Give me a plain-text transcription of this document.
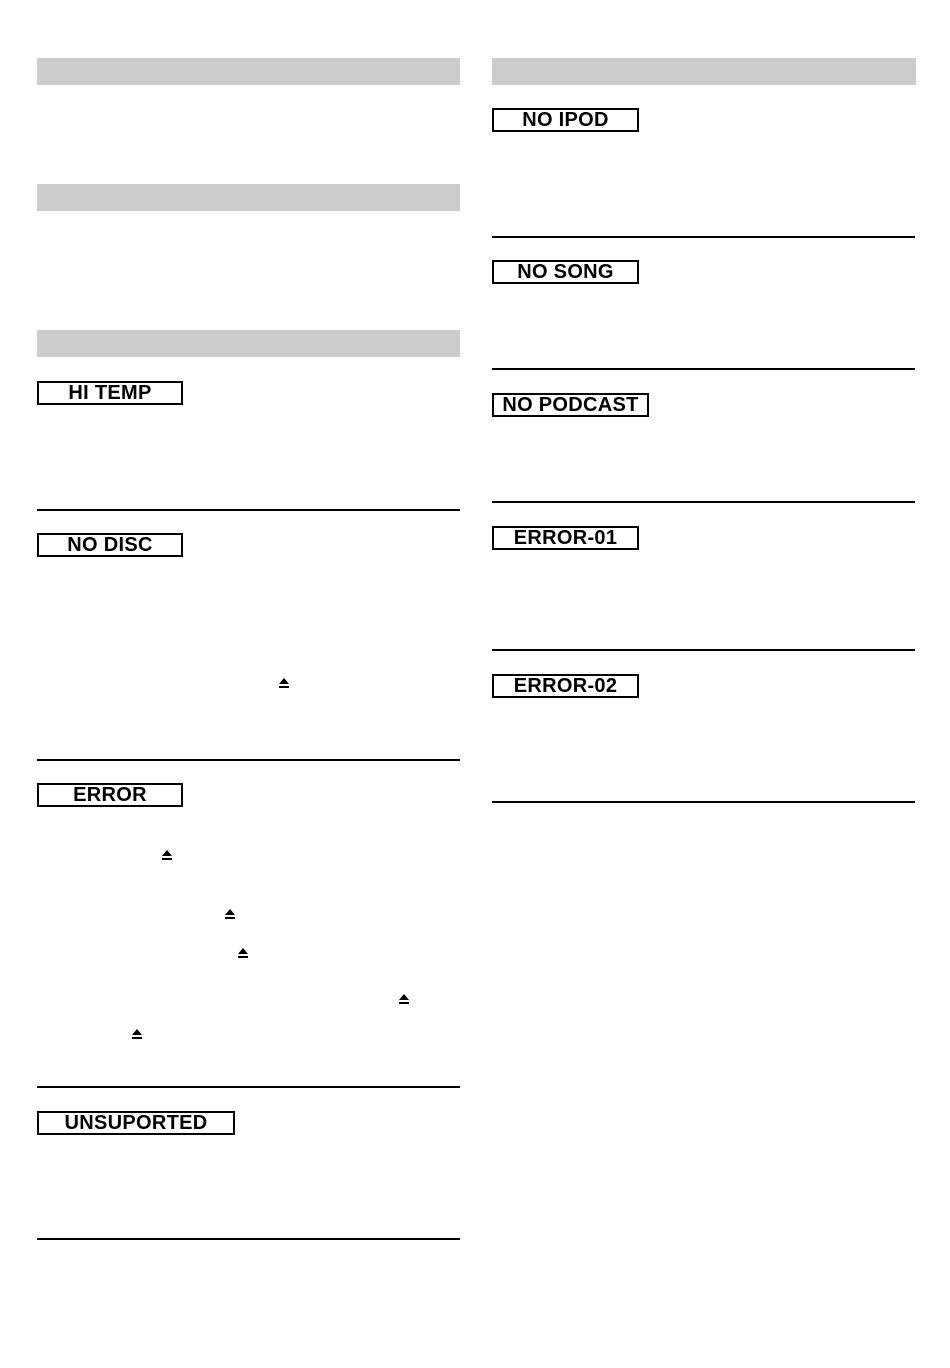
HI TEMP
NO DISC
ERROR
UNSUPORTED
NO IPOD
NO SONG
NO PODCAST
ERROR-01
ERROR-02
